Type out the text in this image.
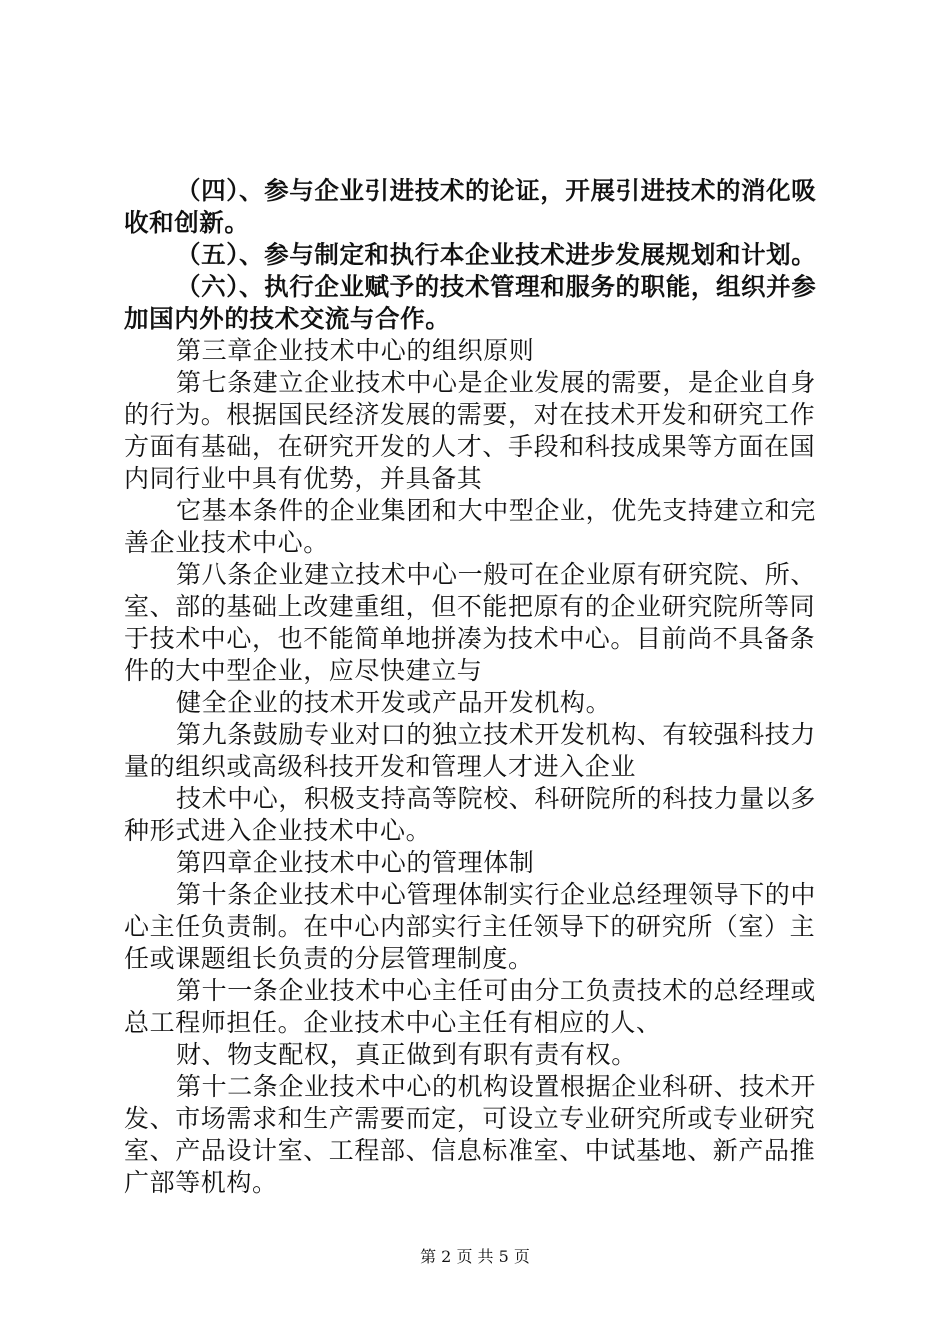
（四）、参与企业引进技术的论证，开展引进技术的消化吸收和创新。

（五）、参与制定和执行本企业技术进步发展规划和计划。

（六）、执行企业赋予的技术管理和服务的职能，组织并参加国内外的技术交流与合作。

第三章企业技术中心的组织原则

第七条建立企业技术中心是企业发展的需要，是企业自身的行为。根据国民经济发展的需要，对在技术开发和研究工作方面有基础，在研究开发的人才、手段和科技成果等方面在国内同行业中具有优势，并具备其

它基本条件的企业集团和大中型企业，优先支持建立和完善企业技术中心。

第八条企业建立技术中心一般可在企业原有研究院、所、室、部的基础上改建重组，但不能把原有的企业研究院所等同于技术中心，也不能简单地拼凑为技术中心。目前尚不具备条件的大中型企业，应尽快建立与

健全企业的技术开发或产品开发机构。

第九条鼓励专业对口的独立技术开发机构、有较强科技力量的组织或高级科技开发和管理人才进入企业

技术中心，积极支持高等院校、科研院所的科技力量以多种形式进入企业技术中心。

第四章企业技术中心的管理体制

第十条企业技术中心管理体制实行企业总经理领导下的中心主任负责制。在中心内部实行主任领导下的研究所（室）主任或课题组长负责的分层管理制度。

第十一条企业技术中心主任可由分工负责技术的总经理或总工程师担任。企业技术中心主任有相应的人、

财、物支配权，真正做到有职有责有权。

第十二条企业技术中心的机构设置根据企业科研、技术开发、市场需求和生产需要而定，可设立专业研究所或专业研究室、产品设计室、工程部、信息标准室、中试基地、新产品推广部等机构。

第 2 页 共 5 页
